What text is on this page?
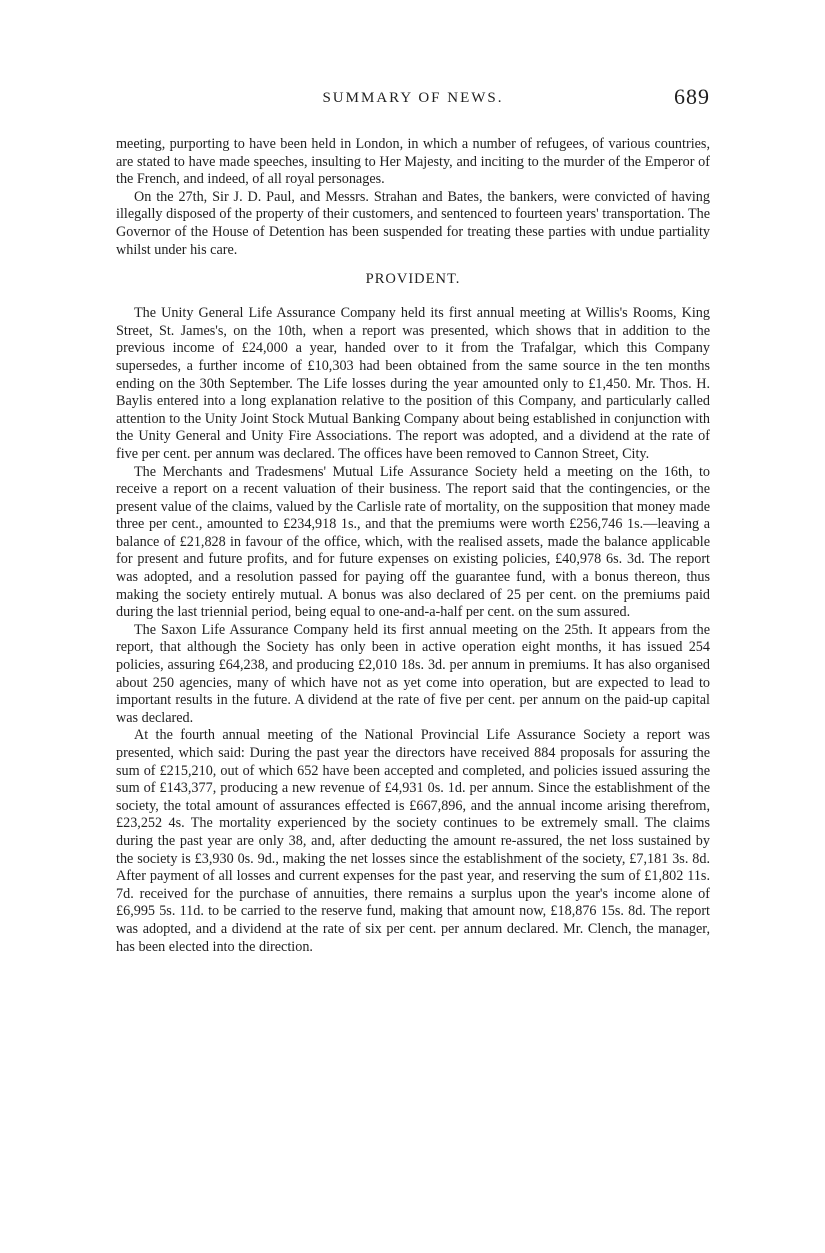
SUMMARY OF NEWS.	689

meeting, purporting to have been held in London, in which a number of refugees, of various countries, are stated to have made speeches, insulting to Her Majesty, and inciting to the murder of the Emperor of the French, and indeed, of all royal personages.

On the 27th, Sir J. D. Paul, and Messrs. Strahan and Bates, the bankers, were convicted of having illegally disposed of the property of their customers, and sentenced to fourteen years' transportation. The Governor of the House of Detention has been suspended for treating these parties with undue partiality whilst under his care.

PROVIDENT.

The Unity General Life Assurance Company held its first annual meeting at Willis's Rooms, King Street, St. James's, on the 10th, when a report was presented, which shows that in addition to the previous income of £24,000 a year, handed over to it from the Trafalgar, which this Company supersedes, a further income of £10,303 had been obtained from the same source in the ten months ending on the 30th September. The Life losses during the year amounted only to £1,450. Mr. Thos. H. Baylis entered into a long explanation relative to the position of this Company, and particularly called attention to the Unity Joint Stock Mutual Banking Company about being established in conjunction with the Unity General and Unity Fire Associations. The report was adopted, and a dividend at the rate of five per cent. per annum was declared. The offices have been removed to Cannon Street, City.

The Merchants and Tradesmens' Mutual Life Assurance Society held a meeting on the 16th, to receive a report on a recent valuation of their business. The report said that the contingencies, or the present value of the claims, valued by the Carlisle rate of mortality, on the supposition that money made three per cent., amounted to £234,918 1s., and that the premiums were worth £256,746 1s.—leaving a balance of £21,828 in favour of the office, which, with the realised assets, made the balance applicable for present and future profits, and for future expenses on existing policies, £40,978 6s. 3d. The report was adopted, and a resolution passed for paying off the guarantee fund, with a bonus thereon, thus making the society entirely mutual. A bonus was also declared of 25 per cent. on the premiums paid during the last triennial period, being equal to one-and-a-half per cent. on the sum assured.

The Saxon Life Assurance Company held its first annual meeting on the 25th. It appears from the report, that although the Society has only been in active operation eight months, it has issued 254 policies, assuring £64,238, and producing £2,010 18s. 3d. per annum in premiums. It has also organised about 250 agencies, many of which have not as yet come into operation, but are expected to lead to important results in the future. A dividend at the rate of five per cent. per annum on the paid-up capital was declared.

At the fourth annual meeting of the National Provincial Life Assurance Society a report was presented, which said: During the past year the directors have received 884 proposals for assuring the sum of £215,210, out of which 652 have been accepted and completed, and policies issued assuring the sum of £143,377, producing a new revenue of £4,931 0s. 1d. per annum. Since the establishment of the society, the total amount of assurances effected is £667,896, and the annual income arising therefrom, £23,252 4s. The mortality experienced by the society continues to be extremely small. The claims during the past year are only 38, and, after deducting the amount re-assured, the net loss sustained by the society is £3,930 0s. 9d., making the net losses since the establishment of the society, £7,181 3s. 8d. After payment of all losses and current expenses for the past year, and reserving the sum of £1,802 11s. 7d. received for the purchase of annuities, there remains a surplus upon the year's income alone of £6,995 5s. 11d. to be carried to the reserve fund, making that amount now, £18,876 15s. 8d. The report was adopted, and a dividend at the rate of six per cent. per annum declared. Mr. Clench, the manager, has been elected into the direction.
